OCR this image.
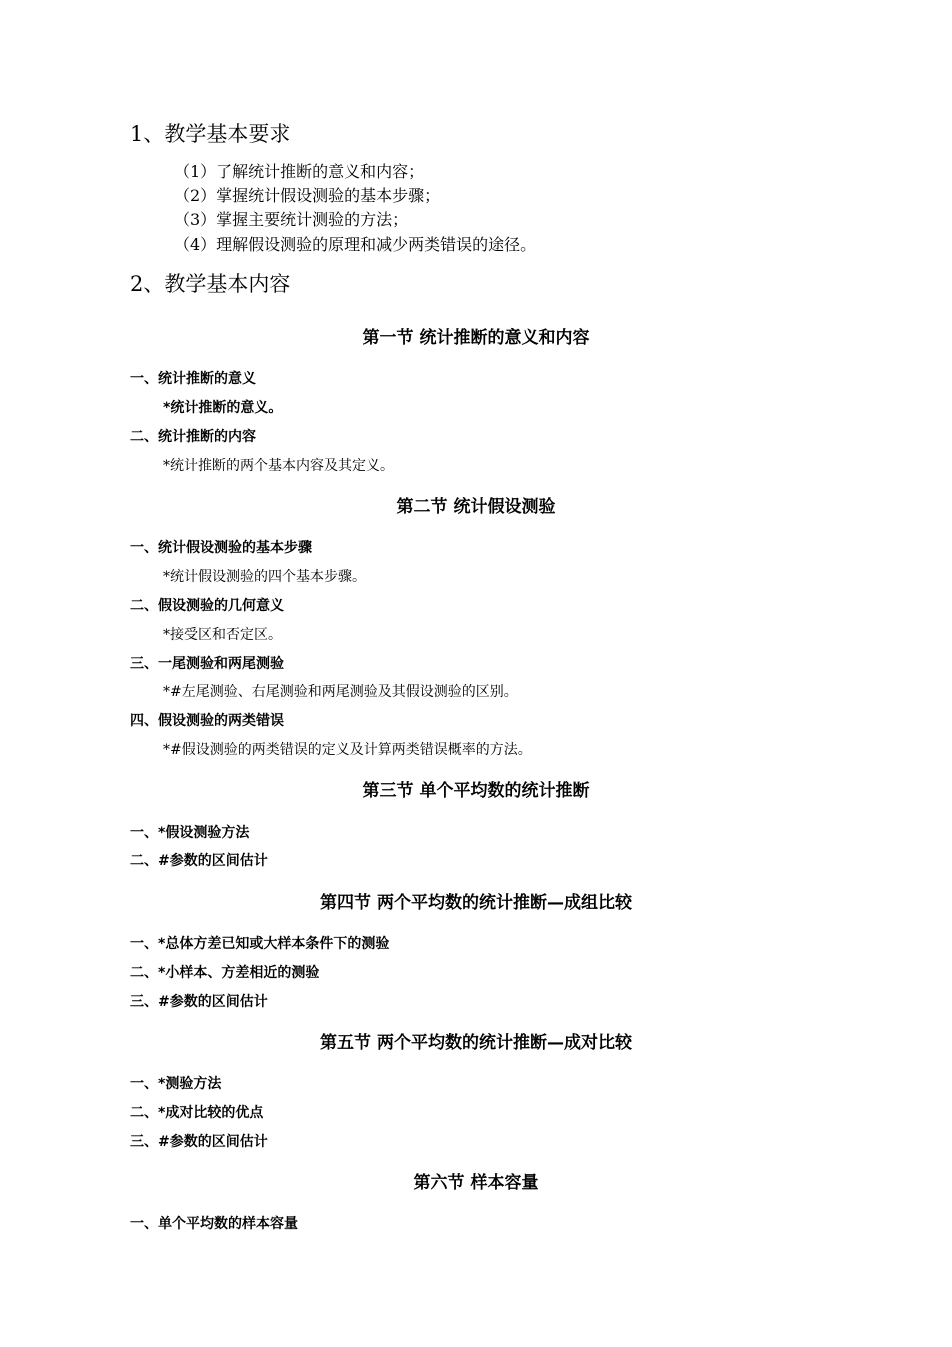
1、教学基本要求
（1）了解统计推断的意义和内容；
（2）掌握统计假设测验的基本步骤；
（3）掌握主要统计测验的方法；
（4）理解假设测验的原理和减少两类错误的途径。
2、教学基本内容
第一节 统计推断的意义和内容
一、统计推断的意义
*统计推断的意义。
二、统计推断的内容
*统计推断的两个基本内容及其定义。
第二节 统计假设测验
一、统计假设测验的基本步骤
*统计假设测验的四个基本步骤。
二、假设测验的几何意义
*接受区和否定区。
三、一尾测验和两尾测验
*#左尾测验、右尾测验和两尾测验及其假设测验的区别。
四、假设测验的两类错误
*#假设测验的两类错误的定义及计算两类错误概率的方法。
第三节 单个平均数的统计推断
一、*假设测验方法
二、#参数的区间估计
第四节 两个平均数的统计推断—成组比较
一、*总体方差已知或大样本条件下的测验
二、*小样本、方差相近的测验
三、#参数的区间估计
第五节 两个平均数的统计推断—成对比较
一、*测验方法
二、*成对比较的优点
三、#参数的区间估计
第六节 样本容量
一、单个平均数的样本容量
